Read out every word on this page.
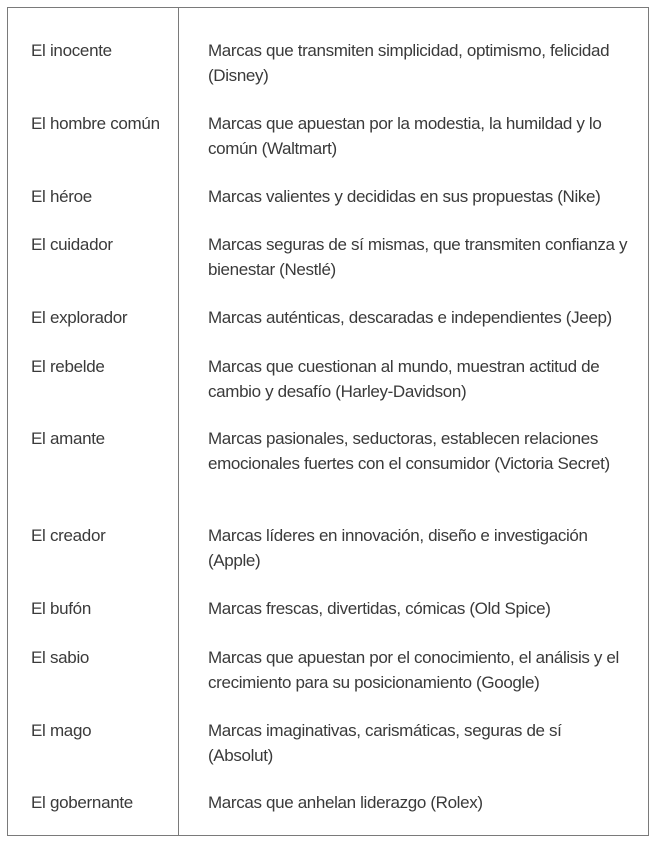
El inocente	Marcas que transmiten simplicidad, optimismo, felicidad (Disney)
El hombre común	Marcas que apuestan por la modestia, la humildad y lo común (Waltmart)
El héroe	Marcas valientes y decididas en sus propuestas (Nike)
El cuidador	Marcas seguras de sí mismas, que transmiten confianza y bienestar (Nestlé)
El explorador	Marcas auténticas, descaradas e independientes (Jeep)
El rebelde	Marcas que cuestionan al mundo, muestran actitud de cambio y desafío (Harley-Davidson)
El amante	Marcas pasionales, seductoras, establecen relaciones emocionales fuertes con el consumidor (Victoria Secret)
El creador	Marcas líderes en innovación, diseño e investigación (Apple)
El bufón	Marcas frescas, divertidas, cómicas (Old Spice)
El sabio	Marcas que apuestan por el conocimiento, el análisis y el crecimiento para su posicionamiento (Google)
El mago	Marcas imaginativas, carismáticas, seguras de sí (Absolut)
El gobernante	Marcas que anhelan liderazgo (Rolex)
